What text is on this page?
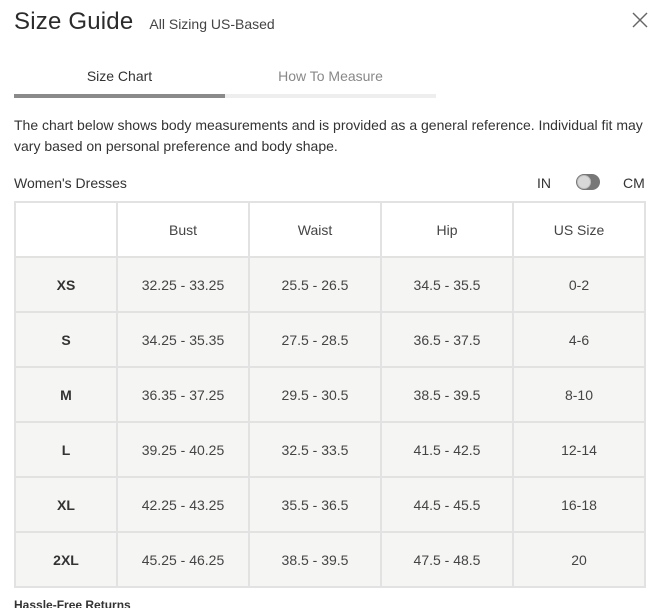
Size Guide All Sizing US-Based
Size Chart	How To Measure

The chart below shows body measurements and is provided as a general reference. Individual fit may vary based on personal preference and body shape.

Women's Dresses	IN	CM
	Bust	Waist	Hip	US Size
XS	32.25 - 33.25	25.5 - 26.5	34.5 - 35.5	0-2
S	34.25 - 35.35	27.5 - 28.5	36.5 - 37.5	4-6
M	36.35 - 37.25	29.5 - 30.5	38.5 - 39.5	8-10
L	39.25 - 40.25	32.5 - 33.5	41.5 - 42.5	12-14
XL	42.25 - 43.25	35.5 - 36.5	44.5 - 45.5	16-18
2XL	45.25 - 46.25	38.5 - 39.5	47.5 - 48.5	20
Hassle-Free Returns
